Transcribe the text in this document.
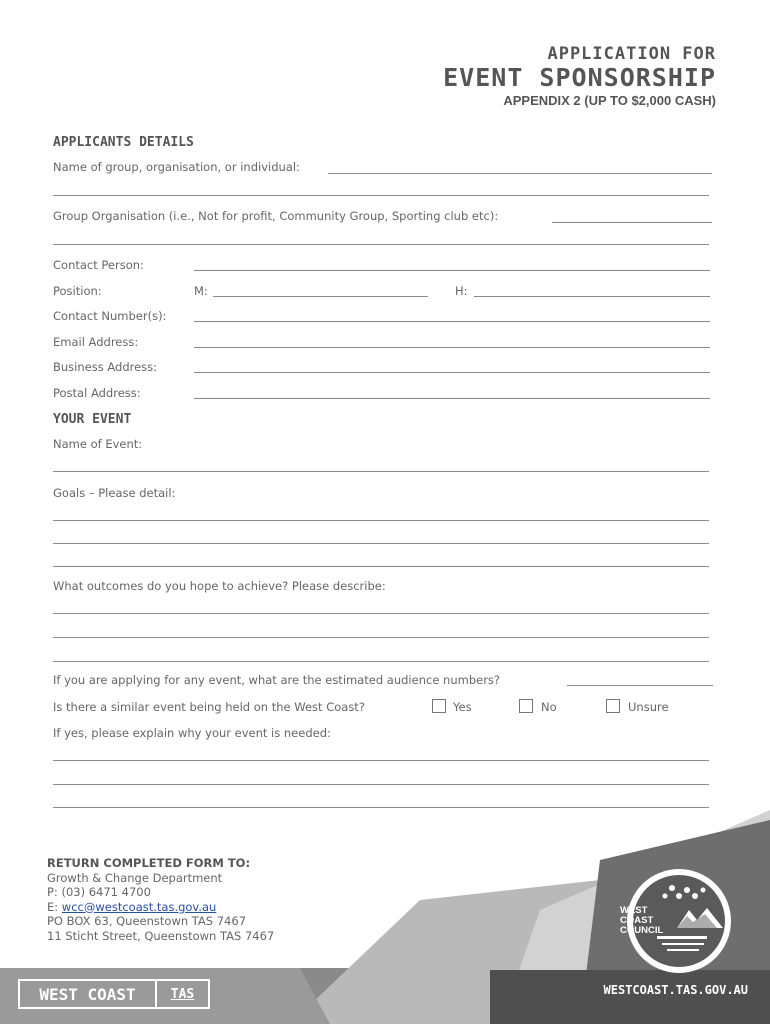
APPLICATION FOR
EVENT SPONSORSHIP
APPENDIX 2 (UP TO $2,000 CASH)
APPLICANTS DETAILS
Name of group, organisation, or individual:
Group Organisation (i.e., Not for profit, Community Group, Sporting club etc):
Contact Person:
Position:	M:	H:
Contact Number(s):
Email Address:
Business Address:
Postal Address:
YOUR EVENT
Name of Event:
Goals – Please detail:
What outcomes do you hope to achieve? Please describe:
If you are applying for any event, what are the estimated audience numbers?
Is there a similar event being held on the West Coast?	Yes	No	Unsure
If yes, please explain why your event is needed:
RETURN COMPLETED FORM TO:
Growth & Change Department
P: (03) 6471 4700
E: wcc@westcoast.tas.gov.au
PO BOX 63, Queenstown TAS 7467
11 Sticht Street, Queenstown TAS 7467
WEST
COAST
COUNCIL
WEST COAST	TAS	WESTCOAST.TAS.GOV.AU
